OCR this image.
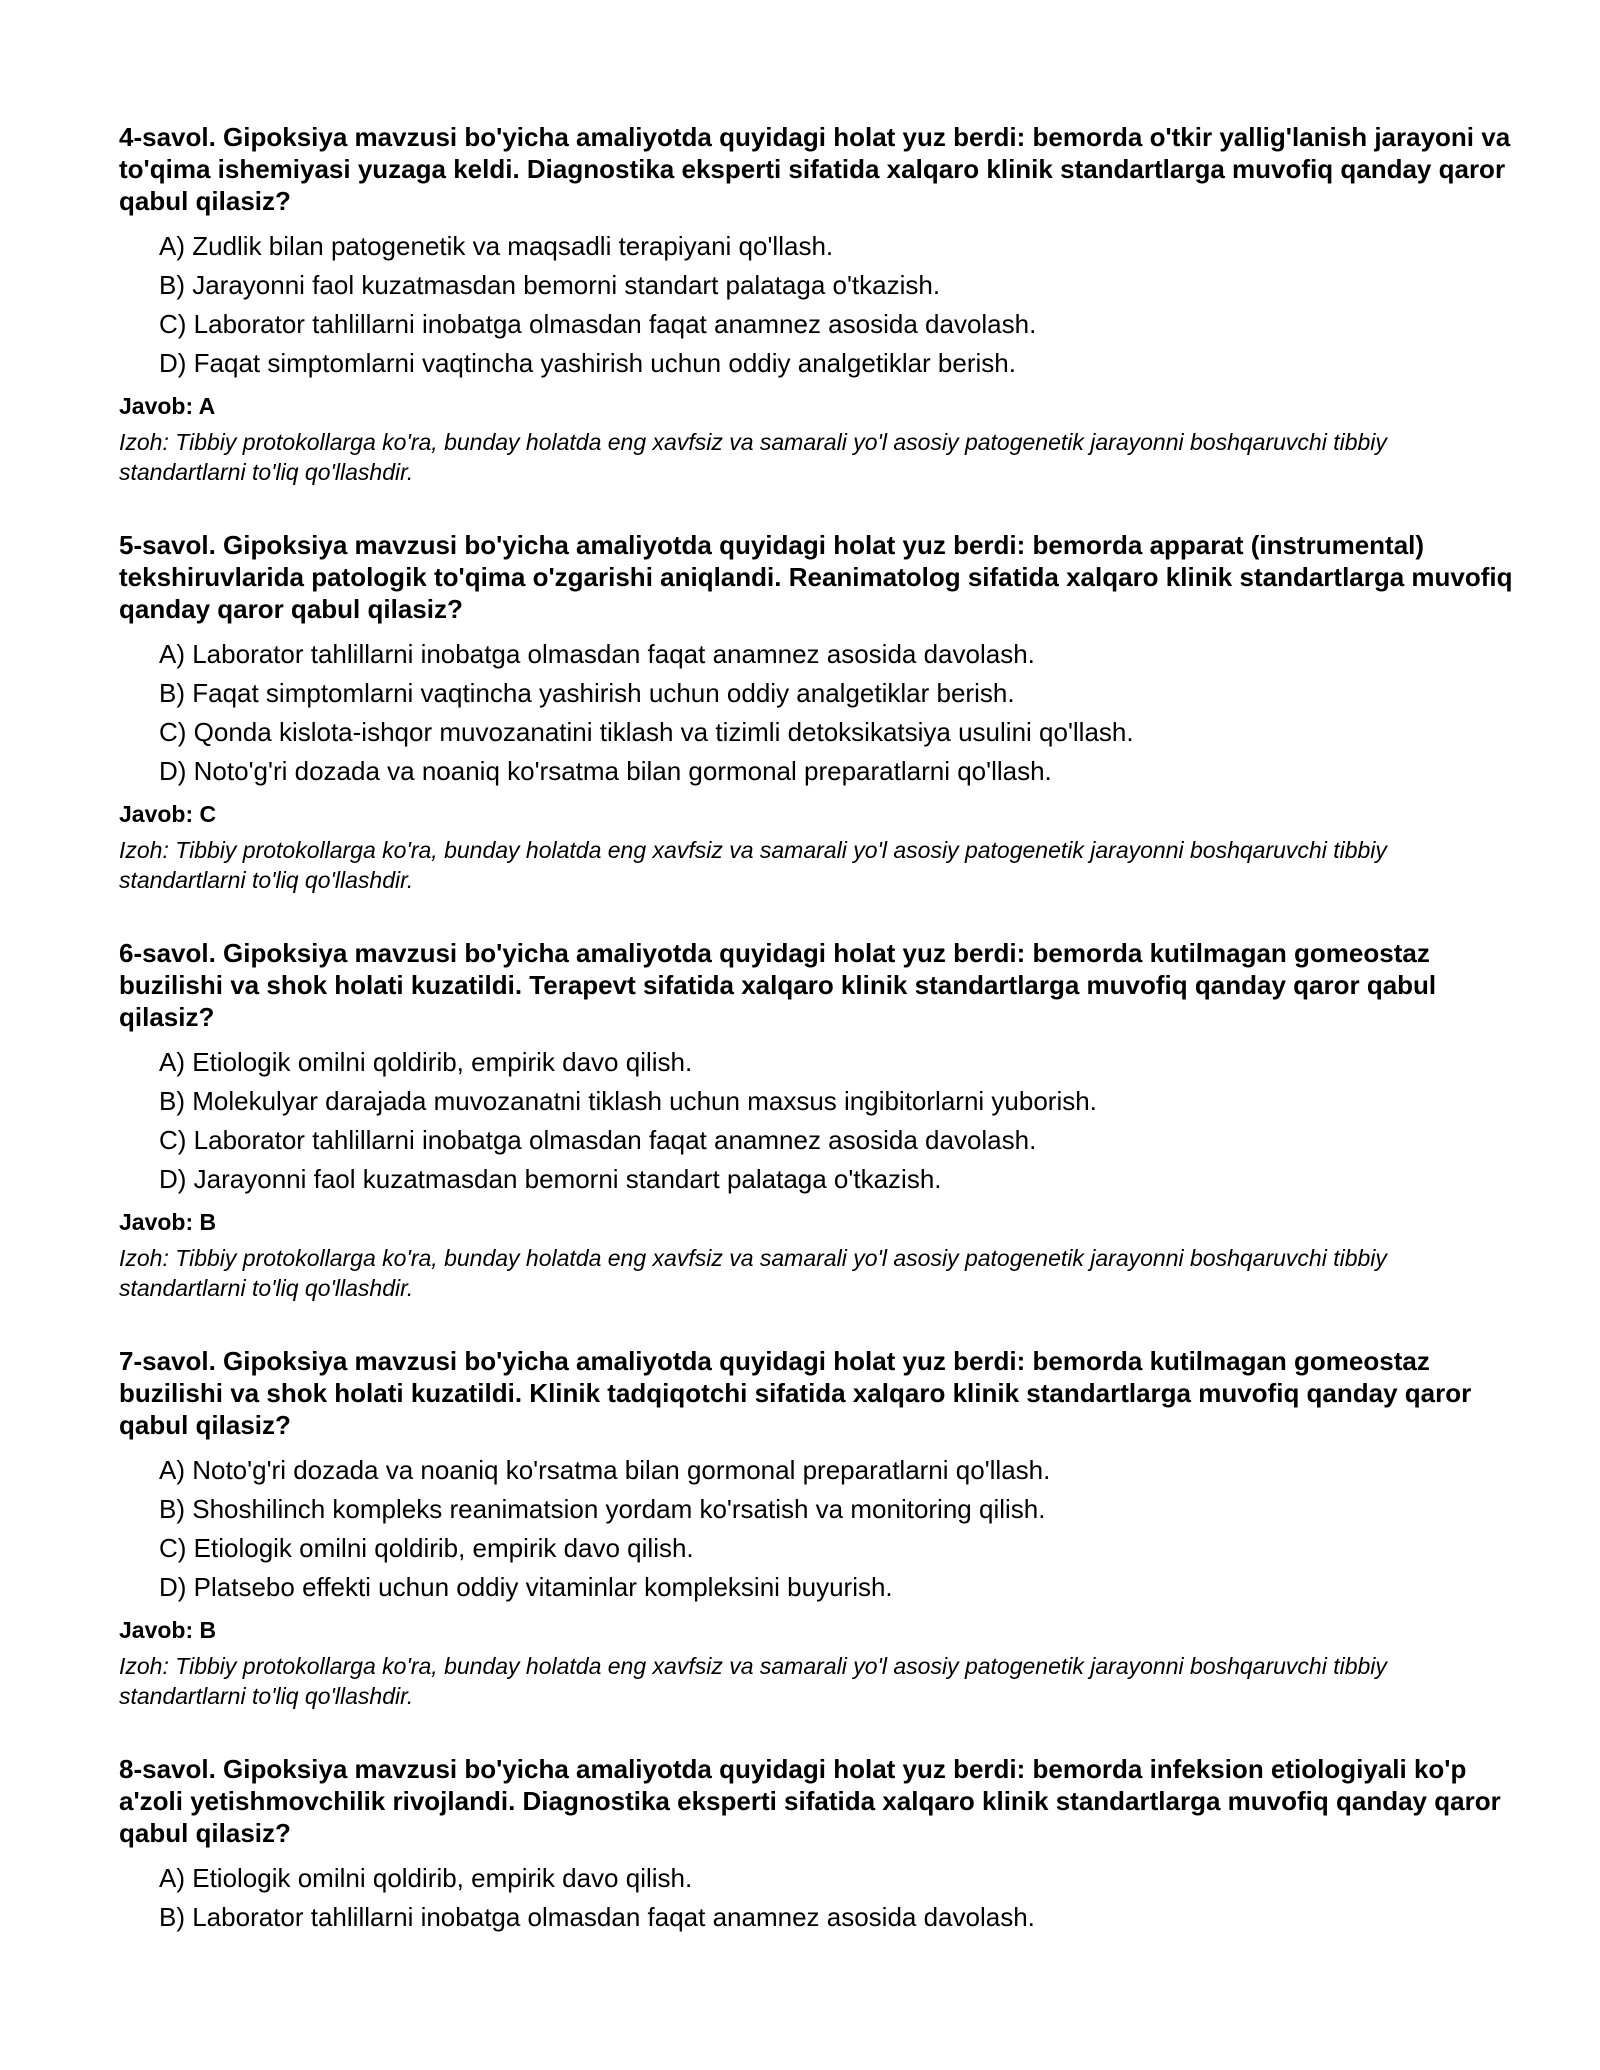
4-savol. Gipoksiya mavzusi bo'yicha amaliyotda quyidagi holat yuz berdi: bemorda o'tkir yallig'lanish jarayoni va to'qima ishemiyasi yuzaga keldi. Diagnostika eksperti sifatida xalqaro klinik standartlarga muvofiq qanday qaror qabul qilasiz?

A) Zudlik bilan patogenetik va maqsadli terapiyani qo'llash.
B) Jarayonni faol kuzatmasdan bemorni standart palataga o'tkazish.
C) Laborator tahlillarni inobatga olmasdan faqat anamnez asosida davolash.
D) Faqat simptomlarni vaqtincha yashirish uchun oddiy analgetiklar berish.
Javob: A
Izoh: Tibbiy protokollarga ko'ra, bunday holatda eng xavfsiz va samarali yo'l asosiy patogenetik jarayonni boshqaruvchi tibbiy standartlarni to'liq qo'llashdir.

5-savol. Gipoksiya mavzusi bo'yicha amaliyotda quyidagi holat yuz berdi: bemorda apparat (instrumental) tekshiruvlarida patologik to'qima o'zgarishi aniqlandi. Reanimatolog sifatida xalqaro klinik standartlarga muvofiq qanday qaror qabul qilasiz?

A) Laborator tahlillarni inobatga olmasdan faqat anamnez asosida davolash.
B) Faqat simptomlarni vaqtincha yashirish uchun oddiy analgetiklar berish.
C) Qonda kislota-ishqor muvozanatini tiklash va tizimli detoksikatsiya usulini qo'llash.
D) Noto'g'ri dozada va noaniq ko'rsatma bilan gormonal preparatlarni qo'llash.
Javob: C
Izoh: Tibbiy protokollarga ko'ra, bunday holatda eng xavfsiz va samarali yo'l asosiy patogenetik jarayonni boshqaruvchi tibbiy standartlarni to'liq qo'llashdir.

6-savol. Gipoksiya mavzusi bo'yicha amaliyotda quyidagi holat yuz berdi: bemorda kutilmagan gomeostaz buzilishi va shok holati kuzatildi. Terapevt sifatida xalqaro klinik standartlarga muvofiq qanday qaror qabul qilasiz?

A) Etiologik omilni qoldirib, empirik davo qilish.
B) Molekulyar darajada muvozanatni tiklash uchun maxsus ingibitorlarni yuborish.
C) Laborator tahlillarni inobatga olmasdan faqat anamnez asosida davolash.
D) Jarayonni faol kuzatmasdan bemorni standart palataga o'tkazish.
Javob: B
Izoh: Tibbiy protokollarga ko'ra, bunday holatda eng xavfsiz va samarali yo'l asosiy patogenetik jarayonni boshqaruvchi tibbiy standartlarni to'liq qo'llashdir.

7-savol. Gipoksiya mavzusi bo'yicha amaliyotda quyidagi holat yuz berdi: bemorda kutilmagan gomeostaz buzilishi va shok holati kuzatildi. Klinik tadqiqotchi sifatida xalqaro klinik standartlarga muvofiq qanday qaror qabul qilasiz?

A) Noto'g'ri dozada va noaniq ko'rsatma bilan gormonal preparatlarni qo'llash.
B) Shoshilinch kompleks reanimatsion yordam ko'rsatish va monitoring qilish.
C) Etiologik omilni qoldirib, empirik davo qilish.
D) Platsebo effekti uchun oddiy vitaminlar kompleksini buyurish.
Javob: B
Izoh: Tibbiy protokollarga ko'ra, bunday holatda eng xavfsiz va samarali yo'l asosiy patogenetik jarayonni boshqaruvchi tibbiy standartlarni to'liq qo'llashdir.

8-savol. Gipoksiya mavzusi bo'yicha amaliyotda quyidagi holat yuz berdi: bemorda infeksion etiologiyali ko'p a'zoli yetishmovchilik rivojlandi. Diagnostika eksperti sifatida xalqaro klinik standartlarga muvofiq qanday qaror qabul qilasiz?

A) Etiologik omilni qoldirib, empirik davo qilish.
B) Laborator tahlillarni inobatga olmasdan faqat anamnez asosida davolash.
